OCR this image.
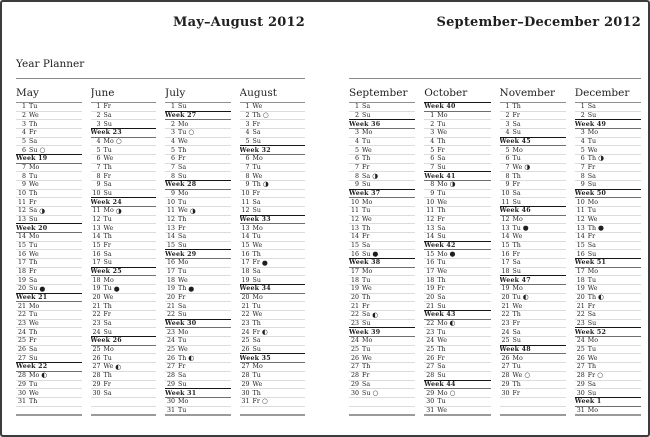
May–August 2012
Year Planner
May
1 Tu
2 We
3 Th
4 Fr
5 Sa
6 Su ○
Week 19
7 Mo
8 Tu
9 We
10 Th
11 Fr
12 Sa ◑
13 Su
Week 20
14 Mo
15 Tu
16 We
17 Th
18 Fr
19 Sa
20 Su ●
Week 21
21 Mo
22 Tu
23 We
24 Th
25 Fr
26 Sa
27 Su
Week 22
28 Mo ◐
29 Tu
30 We
31 Th
June
1 Fr
2 Sa
3 Su
Week 23
4 Mo ○
5 Tu
6 We
7 Th
8 Fr
9 Sa
10 Su
Week 24
11 Mo ◑
12 Tu
13 We
14 Th
15 Fr
16 Sa
17 Su
Week 25
18 Mo
19 Tu ●
20 We
21 Th
22 Fr
23 Sa
24 Su
Week 26
25 Mo
26 Tu
27 We ◐
28 Th
29 Fr
30 Sa
July
1 Su
Week 27
2 Mo
3 Tu ○
4 We
5 Th
6 Fr
7 Sa
8 Su
Week 28
9 Mo
10 Tu
11 We ◑
12 Th
13 Fr
14 Sa
15 Su
Week 29
16 Mo
17 Tu
18 We
19 Th ●
20 Fr
21 Sa
22 Su
Week 30
23 Mo
24 Tu
25 We
26 Th ◐
27 Fr
28 Sa
29 Su
Week 31
30 Mo
31 Tu
August
1 We
2 Th ○
3 Fr
4 Sa
5 Su
Week 32
6 Mo
7 Tu
8 We
9 Th ◑
10 Fr
11 Sa
12 Su
Week 33
13 Mo
14 Tu
15 We
16 Th
17 Fr ●
18 Sa
19 Su
Week 34
20 Mo
21 Tu
22 We
23 Th
24 Fr ◐
25 Sa
26 Su
Week 35
27 Mo
28 Tu
29 We
30 Th
31 Fr ○
September–December 2012
September
1 Sa
2 Su
Week 36
3 Mo
4 Tu
5 We
6 Th
7 Fr
8 Sa ◑
9 Su
Week 37
10 Mo
11 Tu
12 We
13 Th
14 Fr
15 Sa
16 Su ●
Week 38
17 Mo
18 Tu
19 We
20 Th
21 Fr
22 Sa ◐
23 Su
Week 39
24 Mo
25 Tu
26 We
27 Th
28 Fr
29 Sa
30 Su ○
October
Week 40
1 Mo
2 Tu
3 We
4 Th
5 Fr
6 Sa
7 Su
Week 41
8 Mo ◑
9 Tu
10 We
11 Th
12 Fr
13 Sa
14 Su
Week 42
15 Mo ●
16 Tu
17 We
18 Th
19 Fr
20 Sa
21 Su
Week 43
22 Mo ◐
23 Tu
24 We
25 Th
26 Fr
27 Sa
28 Su
Week 44
29 Mo ○
30 Tu
31 We
November
1 Th
2 Fr
3 Sa
4 Su
Week 45
5 Mo
6 Tu
7 We ◑
8 Th
9 Fr
10 Sa
11 Su
Week 46
12 Mo
13 Tu ●
14 We
15 Th
16 Fr
17 Sa
18 Su
Week 47
19 Mo
20 Tu ◐
21 We
22 Th
23 Fr
24 Sa
25 Su
Week 48
26 Mo
27 Tu
28 We ○
29 Th
30 Fr
December
1 Sa
2 Su
Week 49
3 Mo
4 Tu
5 We
6 Th ◑
7 Fr
8 Sa
9 Su
Week 50
10 Mo
11 Tu
12 We
13 Th ●
14 Fr
15 Sa
16 Su
Week 51
17 Mo
18 Tu
19 We
20 Th ◐
21 Fr
22 Sa
23 Su
Week 52
24 Mo
25 Tu
26 We
27 Th
28 Fr ○
29 Sa
30 Su
Week 1
31 Mo
